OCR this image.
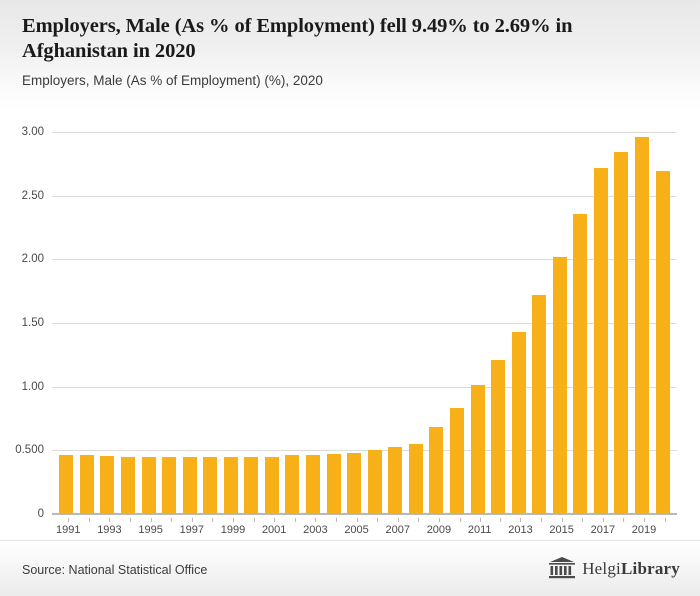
Employers, Male (As % of Employment) fell 9.49% to 2.69% in Afghanistan in 2020
Employers, Male (As % of Employment) (%), 2020
3.00
2.50
2.00
1.50
1.00
0.500
0
1991 1993 1995 1997 1999 2001 2003 2005 2007 2009 2011 2013 2015 2017 2019
Source: National Statistical Office	HelgiLibrary
